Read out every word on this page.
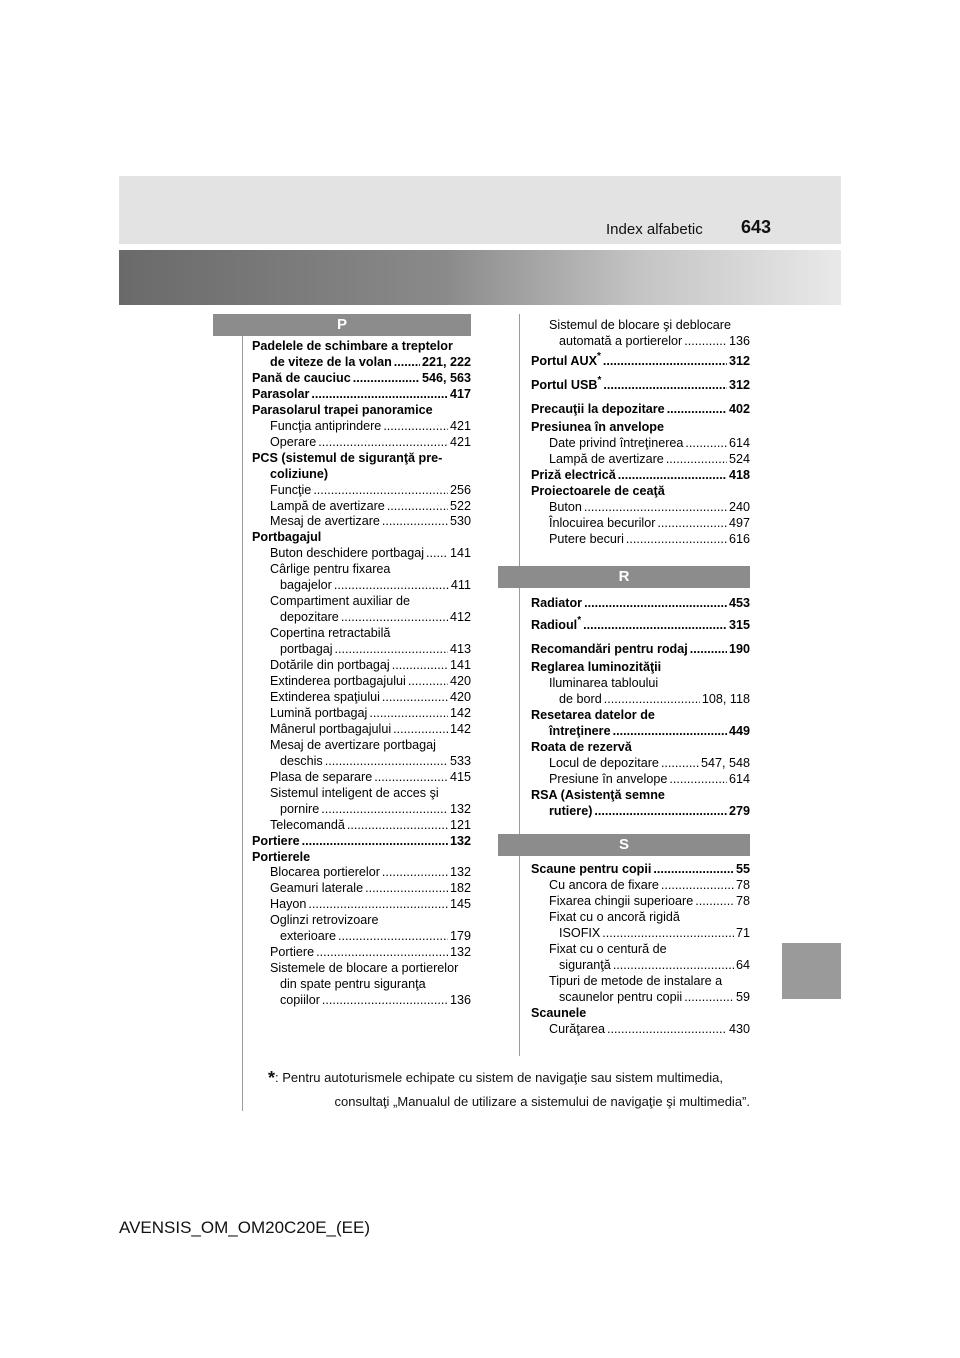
Index alfabetic 643
P
R
S
Padelele de schimbare a treptelor
de viteze de la volan ..... 221, 222
Pană de cauciuc .....	546, 563
Parasolar .....	417
Parasolarul trapei panoramice
Funcţia antiprindere .....	421
Operare .....	421
PCS (sistemul de siguranţă pre-
coliziune)
Funcţie .....	256
Lampă de avertizare .....	522
Mesaj de avertizare .....	530
Portbagajul
Buton deschidere portbagaj ..... 141
Cârlige pentru fixarea
bagajelor .....	411
Compartiment auxiliar de
depozitare .....	412
Copertina retractabilă
portbagaj .....	413
Dotările din portbagaj .....	141
Extinderea portbagajului .....	420
Extinderea spaţiului .....	420
Lumină portbagaj .....	142
Mânerul portbagajului .....	142
Mesaj de avertizare portbagaj
deschis .....	533
Plasa de separare .....	415
Sistemul inteligent de acces şi
pornire .....	132
Telecomandă .....	121
Portiere .....	132
Portierele
Blocarea portierelor .....	132
Geamuri laterale .....	182
Hayon .....	145
Oglinzi retrovizoare
exterioare .....	179
Portiere .....	132
Sistemele de blocare a portierelor
din spate pentru siguranţa
copiilor .....	136
Sistemul de blocare şi deblocare
automată a portierelor .....	136
Portul AUX* .....	312
Portul USB* .....	312
Precauţii la depozitare .....	402
Presiunea în anvelope
Date privind întreţinerea .....	614
Lampă de avertizare .....	524
Priză electrică .....	418
Proiectoarele de ceaţă
Buton .....	240
Înlocuirea becurilor .....	497
Putere becuri .....	616
Radiator .....	453
Radioul* .....	315
Recomandări pentru rodaj .....	190
Reglarea luminozităţii
Iluminarea tabloului
de bord .....	108, 118
Resetarea datelor de
întreţinere .....	449
Roata de rezervă
Locul de depozitare .....	547, 548
Presiune în anvelope .....	614
RSA (Asistenţă semne
rutiere) .....	279
Scaune pentru copii .....	55
Cu ancora de fixare .....	78
Fixarea chingii superioare .....	78
Fixat cu o ancoră rigidă
ISOFIX .....	71
Fixat cu o centură de
siguranţă .....	64
Tipuri de metode de instalare a
scaunelor pentru copii .....	59
Scaunele
Curăţarea .....	430
*: Pentru autoturismele echipate cu sistem de navigaţie sau sistem multimedia,
consultaţi „Manualul de utilizare a sistemului de navigaţie şi multimedia”.
AVENSIS_OM_OM20C20E_(EE)
